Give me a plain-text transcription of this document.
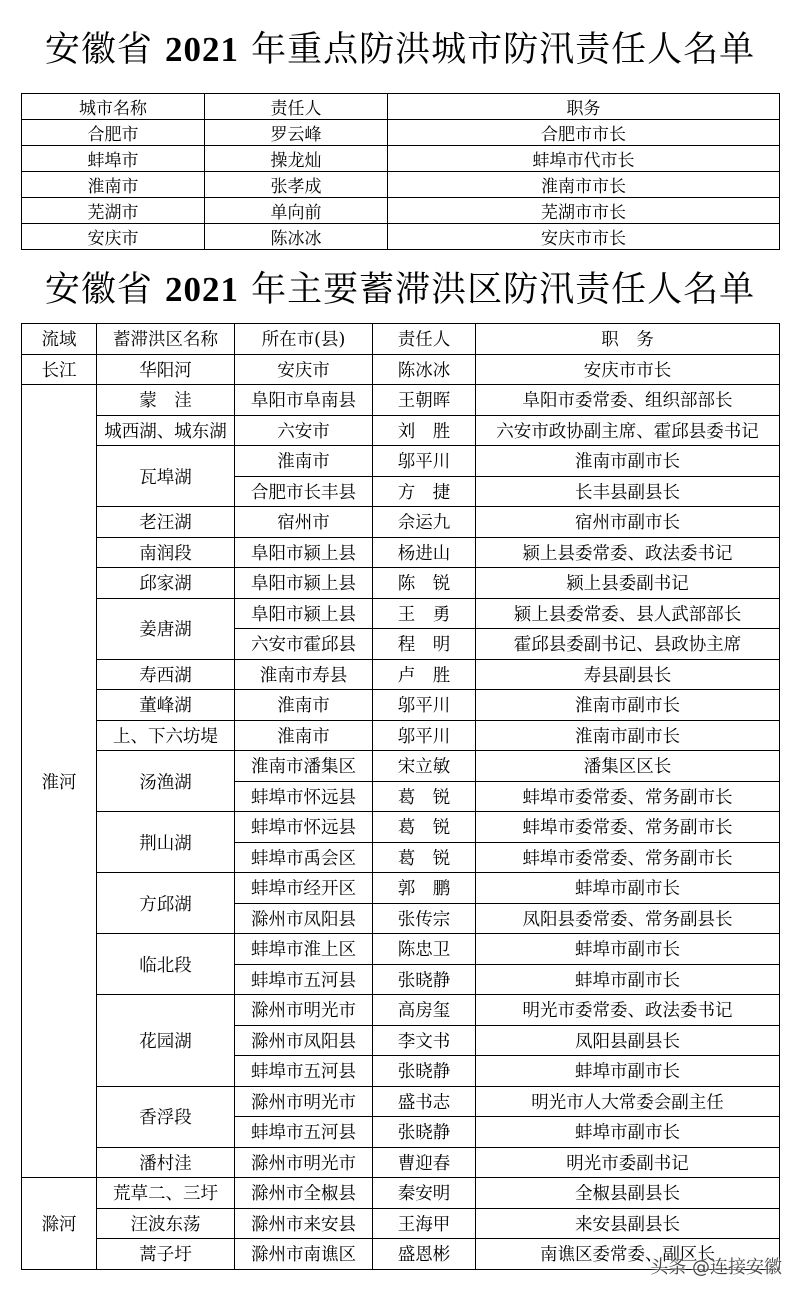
安徽省 2021 年重点防洪城市防汛责任人名单
城市名称	责任人	职务
合肥市	罗云峰	合肥市市长
蚌埠市	操龙灿	蚌埠市代市长
淮南市	张孝成	淮南市市长
芜湖市	单向前	芜湖市市长
安庆市	陈冰冰	安庆市市长
安徽省 2021 年主要蓄滞洪区防汛责任人名单
流域	蓄滞洪区名称	所在市(县)	责任人	职　务
长江	华阳河	安庆市	陈冰冰	安庆市市长
淮河	蒙　洼	阜阳市阜南县	王朝晖	阜阳市委常委、组织部部长
	城西湖、城东湖	六安市	刘　胜	六安市政协副主席、霍邱县委书记
	瓦埠湖	淮南市	邬平川	淮南市副市长
		合肥市长丰县	方　捷	长丰县副县长
	老汪湖	宿州市	佘运九	宿州市副市长
	南润段	阜阳市颍上县	杨进山	颍上县委常委、政法委书记
	邱家湖	阜阳市颍上县	陈　锐	颍上县委副书记
	姜唐湖	阜阳市颍上县	王　勇	颍上县委常委、县人武部部长
		六安市霍邱县	程　明	霍邱县委副书记、县政协主席
	寿西湖	淮南市寿县	卢　胜	寿县副县长
	董峰湖	淮南市	邬平川	淮南市副市长
	上、下六坊堤	淮南市	邬平川	淮南市副市长
	汤渔湖	淮南市潘集区	宋立敏	潘集区区长
		蚌埠市怀远县	葛　锐	蚌埠市委常委、常务副市长
	荆山湖	蚌埠市怀远县	葛　锐	蚌埠市委常委、常务副市长
		蚌埠市禹会区	葛　锐	蚌埠市委常委、常务副市长
	方邱湖	蚌埠市经开区	郭　鹏	蚌埠市副市长
		滁州市凤阳县	张传宗	凤阳县委常委、常务副县长
	临北段	蚌埠市淮上区	陈忠卫	蚌埠市副市长
		蚌埠市五河县	张晓静	蚌埠市副市长
	花园湖	滁州市明光市	高房玺	明光市委常委、政法委书记
		滁州市凤阳县	李文书	凤阳县副县长
		蚌埠市五河县	张晓静	蚌埠市副市长
	香浮段	滁州市明光市	盛书志	明光市人大常委会副主任
		蚌埠市五河县	张晓静	蚌埠市副市长
	潘村洼	滁州市明光市	曹迎春	明光市委副书记
滁河	荒草二、三圩	滁州市全椒县	秦安明	全椒县副县长
	汪波东荡	滁州市来安县	王海甲	来安县副县长
	蒿子圩	滁州市南谯区	盛恩彬	南谯区委常委、副区长
头条 @连接安徽
